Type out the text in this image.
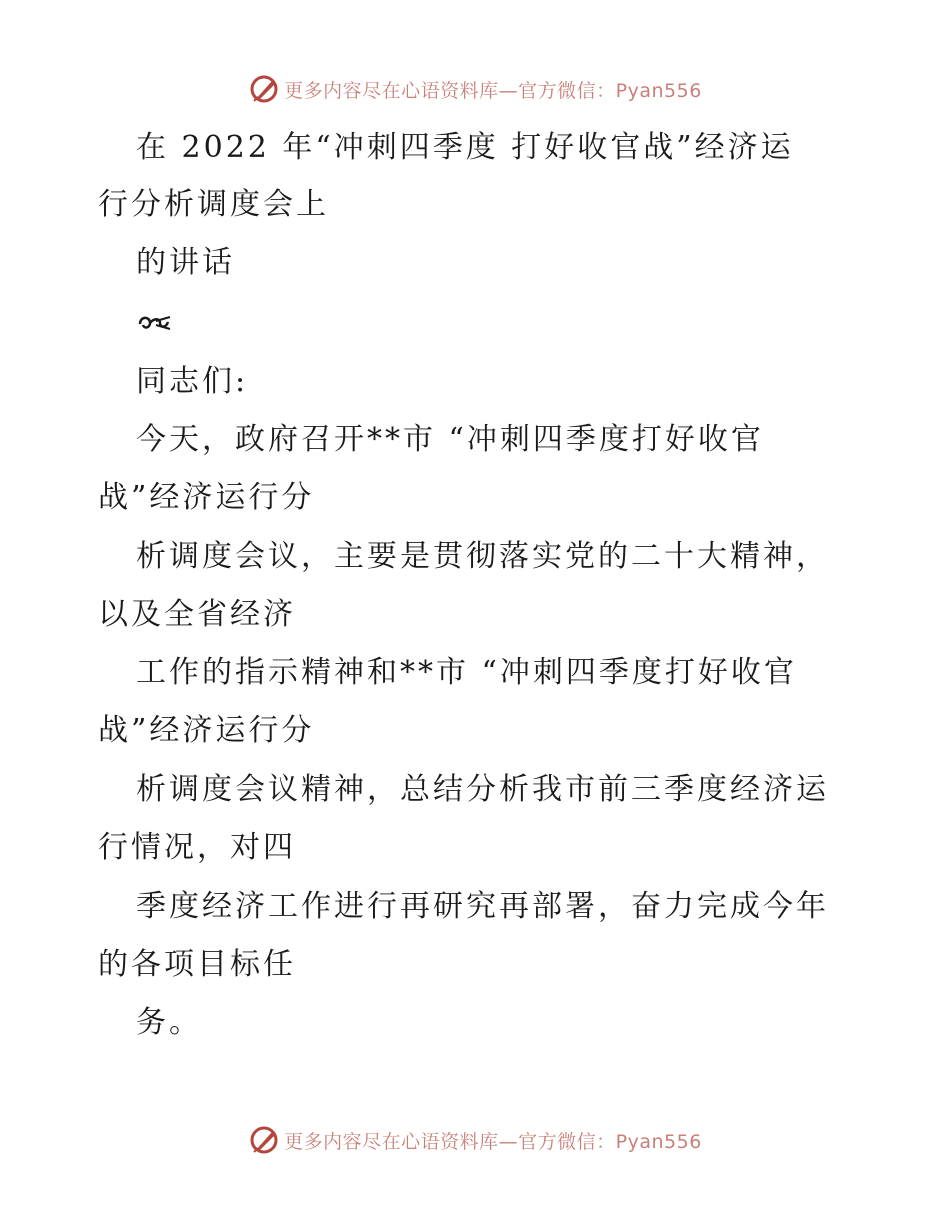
更多内容尽在心语资料库—官方微信：Pyan556
在 2022 年“冲刺四季度 打好收官战”经济运
行分析调度会上
的讲话
同志们:
今天，政府召开**市 “冲刺四季度打好收官
战”经济运行分
析调度会议，主要是贯彻落实党的二十大精神，
以及全省经济
工作的指示精神和**市 “冲刺四季度打好收官
战”经济运行分
析调度会议精神，总结分析我市前三季度经济运
行情况，对四
季度经济工作进行再研究再部署，奋力完成今年
的各项目标任
务。
更多内容尽在心语资料库—官方微信：Pyan556
